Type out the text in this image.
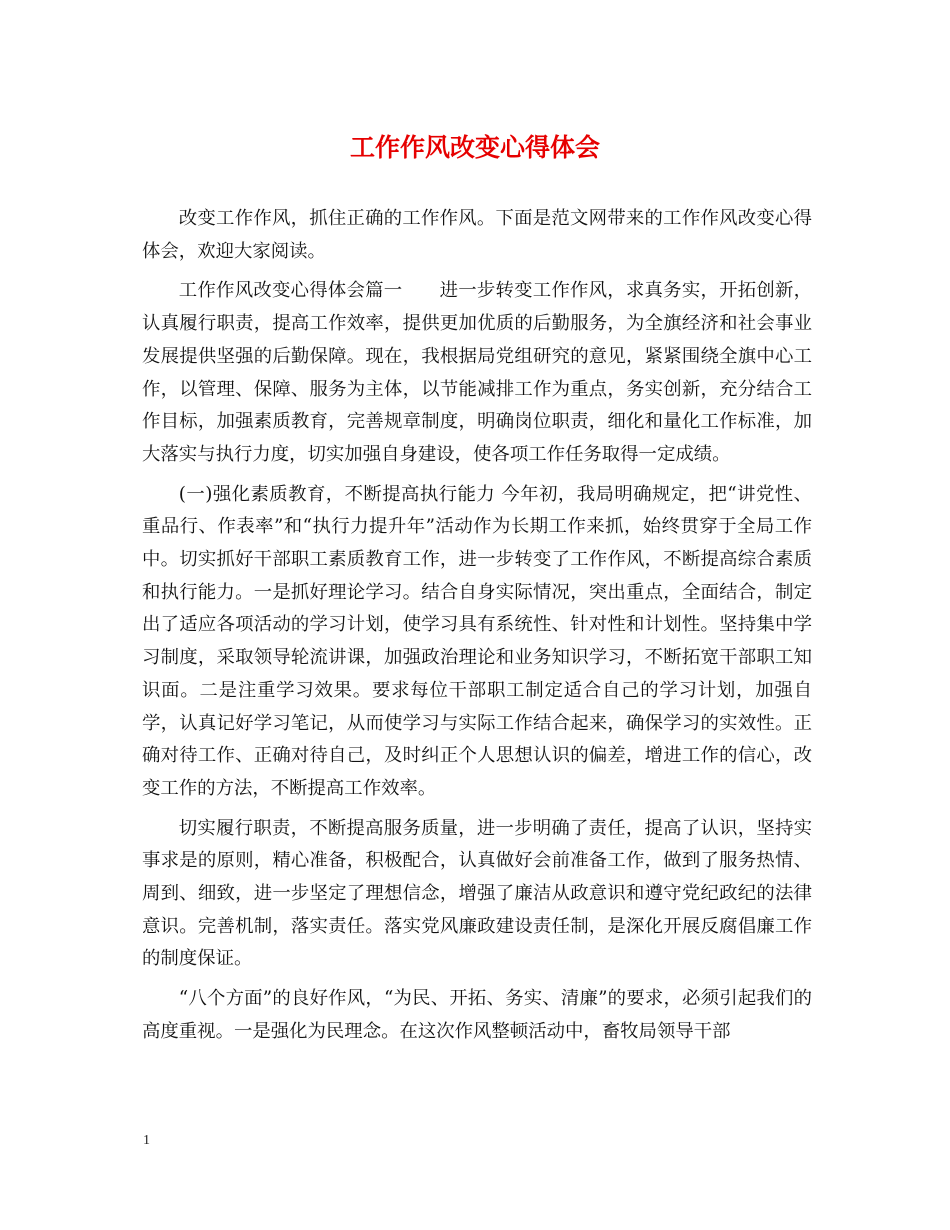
工作作风改变心得体会

改变工作作风，抓住正确的工作作风。下面是范文网带来的工作作风改变心得体会，欢迎大家阅读。

工作作风改变心得体会篇一　　进一步转变工作作风，求真务实，开拓创新，认真履行职责，提高工作效率，提供更加优质的后勤服务，为全旗经济和社会事业发展提供坚强的后勤保障。现在，我根据局党组研究的意见，紧紧围绕全旗中心工作，以管理、保障、服务为主体，以节能减排工作为重点，务实创新，充分结合工作目标，加强素质教育，完善规章制度，明确岗位职责，细化和量化工作标准，加大落实与执行力度，切实加强自身建设，使各项工作任务取得一定成绩。

(一)强化素质教育，不断提高执行能力 今年初，我局明确规定，把“讲党性、重品行、作表率”和“执行力提升年”活动作为长期工作来抓，始终贯穿于全局工作中。切实抓好干部职工素质教育工作，进一步转变了工作作风，不断提高综合素质和执行能力。一是抓好理论学习。结合自身实际情况，突出重点，全面结合，制定出了适应各项活动的学习计划，使学习具有系统性、针对性和计划性。坚持集中学习制度，采取领导轮流讲课，加强政治理论和业务知识学习，不断拓宽干部职工知识面。二是注重学习效果。要求每位干部职工制定适合自己的学习计划，加强自学，认真记好学习笔记，从而使学习与实际工作结合起来，确保学习的实效性。正确对待工作、正确对待自己，及时纠正个人思想认识的偏差，增进工作的信心，改变工作的方法，不断提高工作效率。

切实履行职责，不断提高服务质量，进一步明确了责任，提高了认识，坚持实事求是的原则，精心准备，积极配合，认真做好会前准备工作，做到了服务热情、周到、细致，进一步坚定了理想信念，增强了廉洁从政意识和遵守党纪政纪的法律意识。完善机制，落实责任。落实党风廉政建设责任制，是深化开展反腐倡廉工作的制度保证。

“八个方面”的良好作风，“为民、开拓、务实、清廉”的要求，必须引起我们的高度重视。一是强化为民理念。在这次作风整顿活动中，畜牧局领导干部

1
